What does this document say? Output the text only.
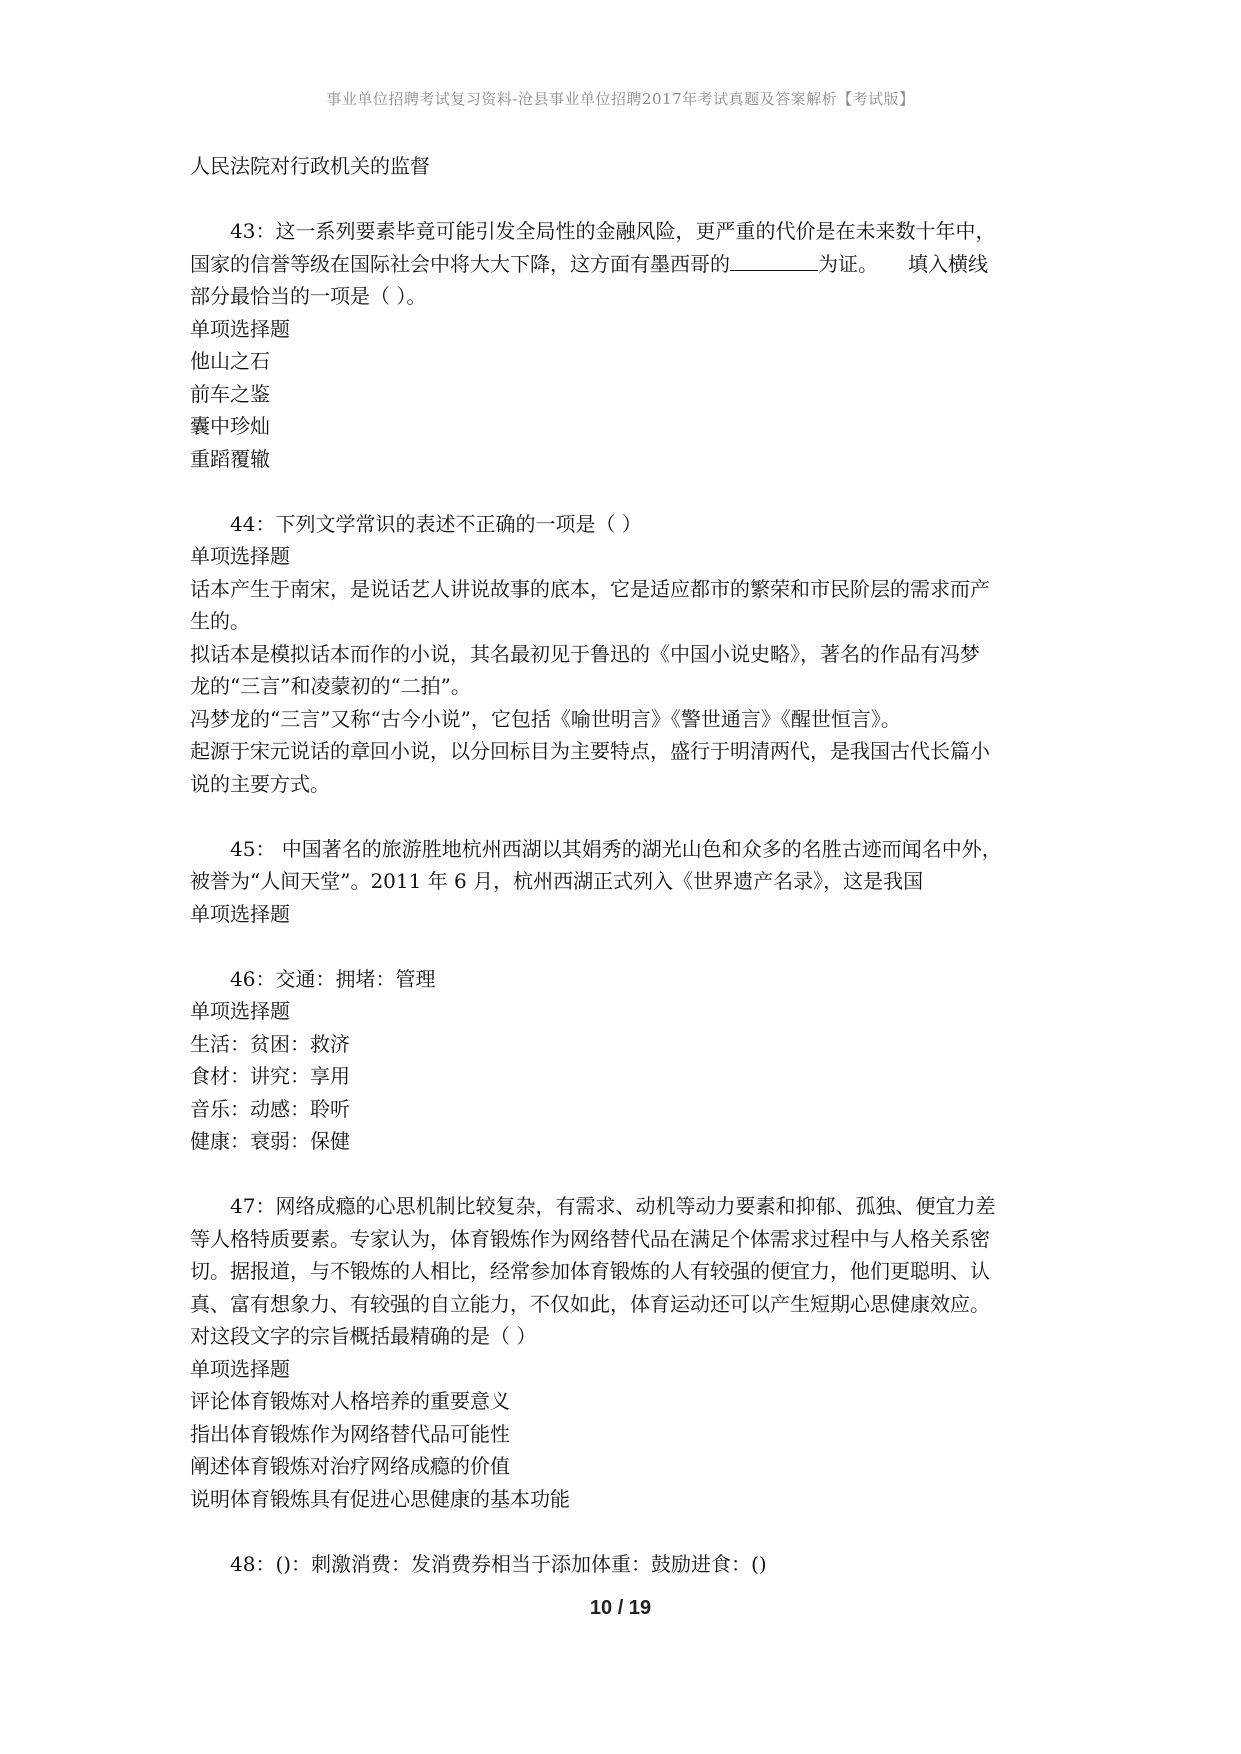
事业单位招聘考试复习资料-沧县事业单位招聘2017年考试真题及答案解析【考试版】
人民法院对行政机关的监督
43：这一系列要素毕竟可能引发全局性的金融风险，更严重的代价是在未来数十年中，
国家的信誉等级在国际社会中将大大下降，这方面有墨西哥的	为证。　　填入横线
部分最恰当的一项是（ ）。
单项选择题
他山之石
前车之鉴
囊中珍灿
重蹈覆辙
44：下列文学常识的表述不正确的一项是（ ）
单项选择题
话本产生于南宋，是说话艺人讲说故事的底本，它是适应都市的繁荣和市民阶层的需求而产
生的。
拟话本是模拟话本而作的小说，其名最初见于鲁迅的《中国小说史略》，著名的作品有冯梦
龙的“三言”和凌蒙初的“二拍”。
冯梦龙的“三言”又称“古今小说”，它包括《喻世明言》《警世通言》《醒世恒言》。
起源于宋元说话的章回小说，以分回标目为主要特点，盛行于明清两代，是我国古代长篇小
说的主要方式。
45： 中国著名的旅游胜地杭州西湖以其娟秀的湖光山色和众多的名胜古迹而闻名中外，
被誉为“人间天堂”。2011 年 6 月，杭州西湖正式列入《世界遗产名录》，这是我国
单项选择题
46：交通：拥堵：管理
单项选择题
生活：贫困：救济
食材：讲究：享用
音乐：动感：聆听
健康：衰弱：保健
47：网络成瘾的心思机制比较复杂，有需求、动机等动力要素和抑郁、孤独、便宜力差
等人格特质要素。专家认为，体育锻炼作为网络替代品在满足个体需求过程中与人格关系密
切。据报道，与不锻炼的人相比，经常参加体育锻炼的人有较强的便宜力，他们更聪明、认
真、富有想象力、有较强的自立能力，不仅如此，体育运动还可以产生短期心思健康效应。
对这段文字的宗旨概括最精确的是（ ）
单项选择题
评论体育锻炼对人格培养的重要意义
指出体育锻炼作为网络替代品可能性
阐述体育锻炼对治疗网络成瘾的价值
说明体育锻炼具有促进心思健康的基本功能
48：()：刺激消费：发消费券相当于添加体重：鼓励进食：()
10 / 19
